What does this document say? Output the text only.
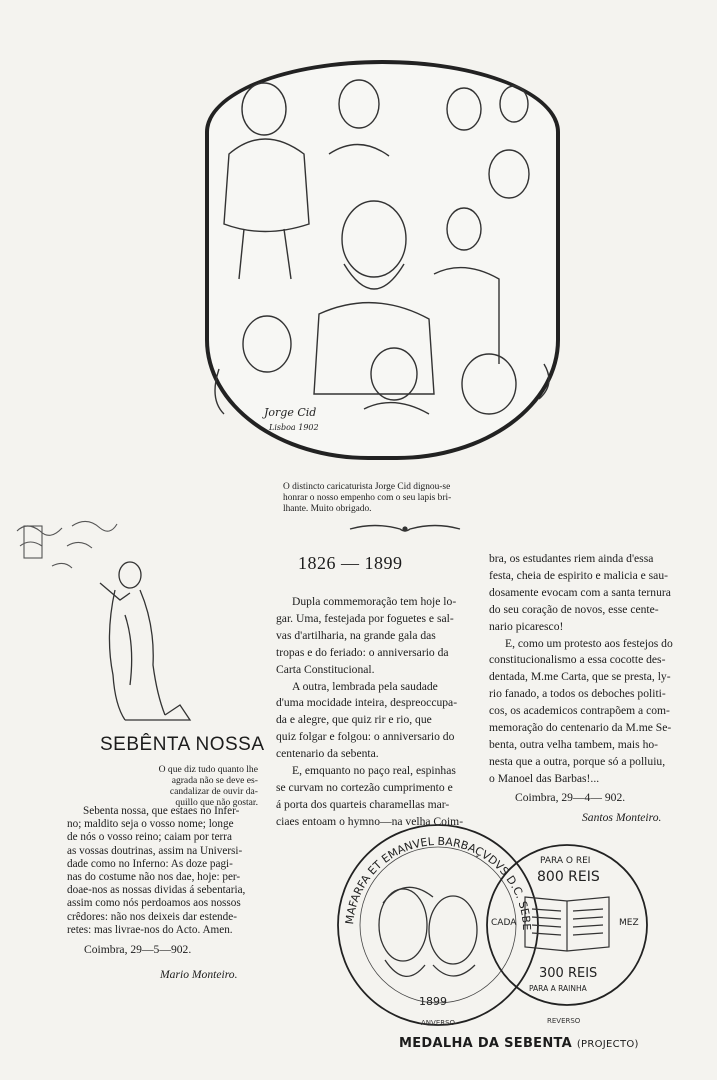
Jorge Cid
Lisboa 1902
O distincto caricaturista Jorge Cid dignou-se
honrar o nosso empenho com o seu lapis bri-
lhante. Muito obrigado.
1826 — 1899
Dupla commemoração tem hoje lo-
gar. Uma, festejada por foguetes e sal-
vas d'artilharia, na grande gala das
tropas e do feriado: o anniversario da
Carta Constitucional.
A outra, lembrada pela saudade
d'uma mocidade inteira, despreoccupa-
da e alegre, que quiz rir e rio, que
quiz folgar e folgou: o anniversario do
centenario da sebenta.
E, emquanto no paço real, espinhas
se curvam no cortezão cumprimento e
á porta dos quarteis charamellas mar-
ciaes entoam o hymno—na velha Coim-
bra, os estudantes riem ainda d'essa
festa, cheia de espirito e malicia e sau-
dosamente evocam com a santa ternura
do seu coração de novos, esse cente-
nario picaresco!
E, como um protesto aos festejos do
constitucionalismo a essa cocotte des-
dentada, M.me Carta, que se presta, ly-
rio fanado, a todos os deboches politi-
cos, os academicos contrapõem a com-
memoração do centenario da M.me Se-
benta, outra velha tambem, mais ho-
nesta que a outra, porque só a polluiu,
o Manoel das Barbas!...
Coimbra, 29—4— 902.
Santos Monteiro.
SEBÊNTA NOSSA
O que diz tudo quanto lhe
agrada não se deve es-
candalizar de ouvir da-
quillo que não gostar.
Sebenta nossa, que estaes no Infer-
no; maldito seja o vosso nome; longe
de nós o vosso reino; caiam por terra
as vossas doutrinas, assim na Universi-
dade como no Inferno: As doze pagi-
nas do costume não nos dae, hoje: per-
doae-nos as nossas dividas á sebentaria,
assim como nós perdoamos aos nossos
crêdores: não nos deixeis dar estende-
retes: mas livrae-nos do Acto. Amen.
Coimbra, 29—5—902.
Mario Monteiro.
MAFARFA ET EMANVEL BARBAÇVDVS D.C. SEBE
1899
ANVERSO
PARA O REI
800 REIS
CADA	MEZ
300 REIS
PARA A RAINHA
REVERSO
MEDALHA DA SEBENTA (PROJECTO)
